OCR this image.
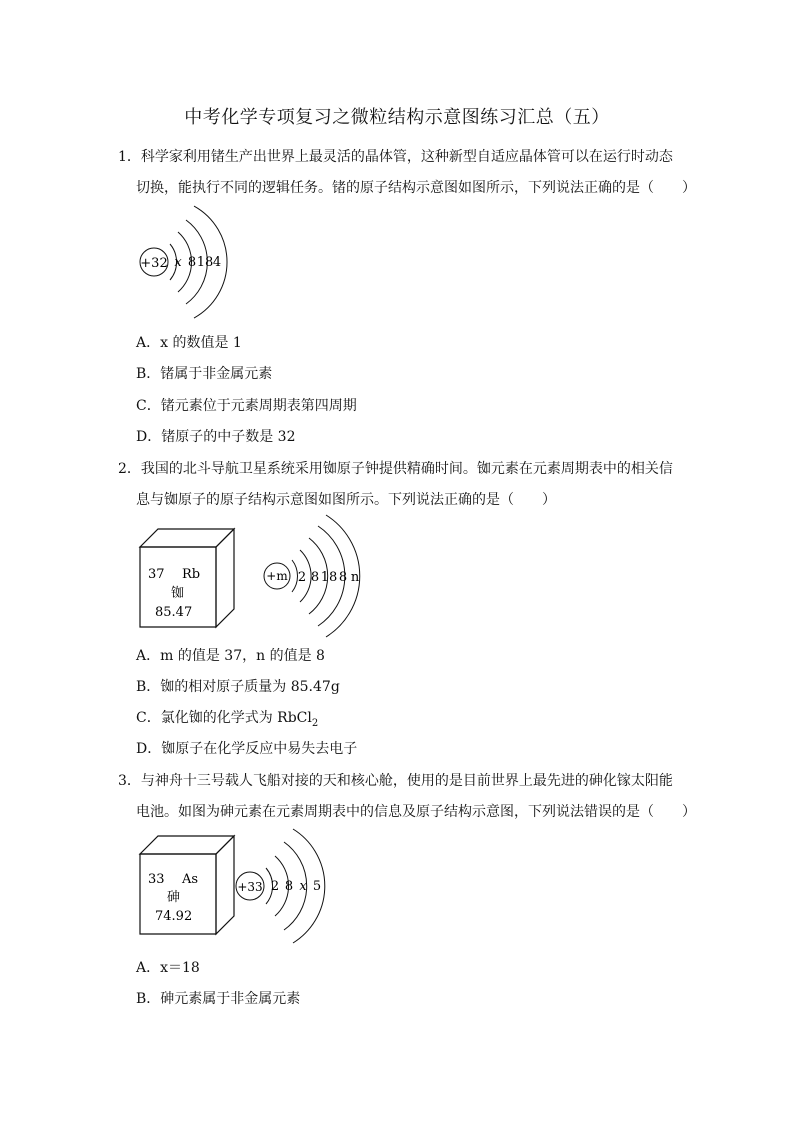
中考化学专项复习之微粒结构示意图练习汇总（五）
1．科学家利用锗生产出世界上最灵活的晶体管，这种新型自适应晶体管可以在运行时动态
切换，能执行不同的逻辑任务。锗的原子结构示意图如图所示，下列说法正确的是（　　）
+32 x 8 18 4
A．x 的数值是 1
B．锗属于非金属元素
C．锗元素位于元素周期表第四周期
D．锗原子的中子数是 32
2．我国的北斗导航卫星系统采用铷原子钟提供精确时间。铷元素在元素周期表中的相关信
息与铷原子的原子结构示意图如图所示。下列说法正确的是（　　）
37 Rb
铷
85.47
+m 2 8 18 8 n
A．m 的值是 37，n 的值是 8
B．铷的相对原子质量为 85.47g
C．氯化铷的化学式为 RbCl$_2$
D．铷原子在化学反应中易失去电子
3．与神舟十三号载人飞船对接的天和核心舱，使用的是目前世界上最先进的砷化镓太阳能
电池。如图为砷元素在元素周期表中的信息及原子结构示意图，下列说法错误的是（　　）
33 As
砷
74.92
+33 2 8 x 5
A．x＝18
B．砷元素属于非金属元素
